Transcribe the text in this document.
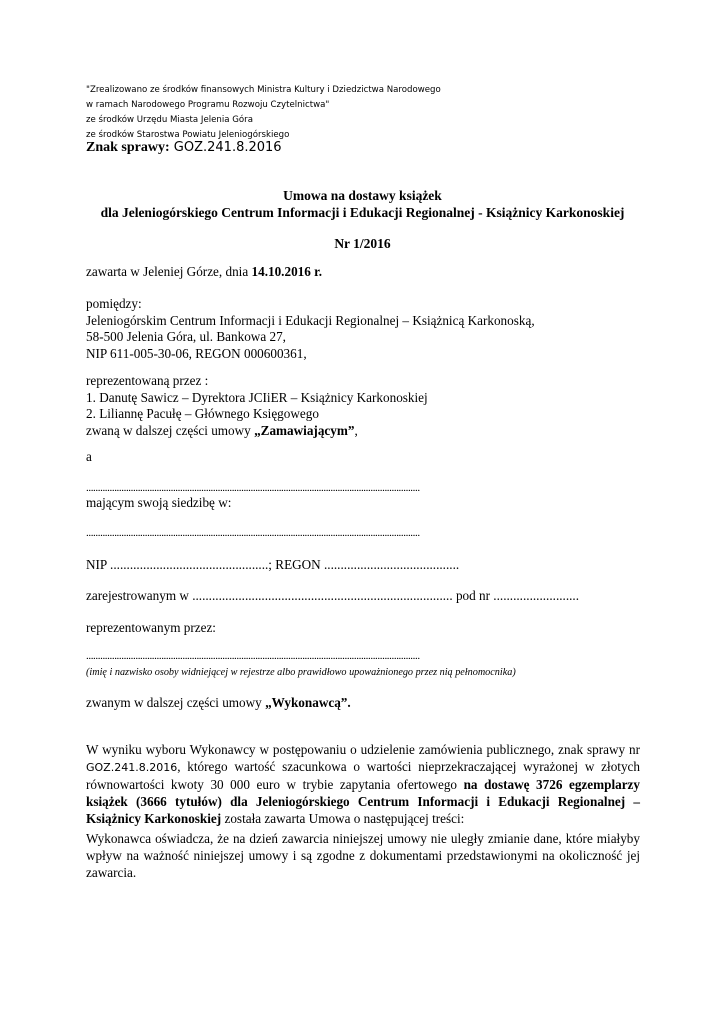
"Zrealizowano ze środków finansowych Ministra Kultury i Dziedzictwa Narodowego
w ramach Narodowego Programu Rozwoju Czytelnictwa"
ze środków Urzędu Miasta Jelenia Góra
ze środków Starostwa Powiatu Jeleniogórskiego
Znak sprawy: GOZ.241.8.2016
Umowa na dostawy książek
dla Jeleniogórskiego Centrum Informacji i Edukacji Regionalnej - Książnicy Karkonoskiej
Nr 1/2016
zawarta w Jeleniej Górze, dnia 14.10.2016 r.
pomiędzy:
Jeleniogórskim Centrum Informacji i Edukacji Regionalnej – Książnicą Karkonoską,
58-500 Jelenia Góra, ul. Bankowa 27,
NIP 611-005-30-06, REGON 000600361,
reprezentowaną przez :
1. Danutę Sawicz – Dyrektora JCIiER – Książnicy Karkonoskiej
2. Liliannę Pacułę – Głównego Księgowego
zwaną w dalszej części umowy „Zamawiającym”,
a
..............................................................................................................................................
mającym swoją siedzibę w:
..............................................................................................................................................
NIP ................................................; REGON .........................................
zarejestrowanym w ............................................................................... pod nr ..........................
reprezentowanym przez:
..............................................................................................................................................
(imię i nazwisko osoby widniejącej w rejestrze albo prawidłowo upoważnionego przez nią pełnomocnika)
zwanym w dalszej części umowy „Wykonawcą”.
W wyniku wyboru Wykonawcy w postępowaniu o udzielenie zamówienia publicznego, znak sprawy nr GOZ.241.8.2016, którego wartość szacunkowa o wartości nieprzekraczającej wyrażonej w złotych równowartości kwoty 30 000 euro w trybie zapytania ofertowego na dostawę 3726 egzemplarzy książek (3666 tytułów) dla Jeleniogórskiego Centrum Informacji i Edukacji Regionalnej – Książnicy Karkonoskiej została zawarta Umowa o następującej treści:
Wykonawca oświadcza, że na dzień zawarcia niniejszej umowy nie uległy zmianie dane, które miałyby wpływ na ważność niniejszej umowy i są zgodne z dokumentami przedstawionymi na okoliczność jej zawarcia.
